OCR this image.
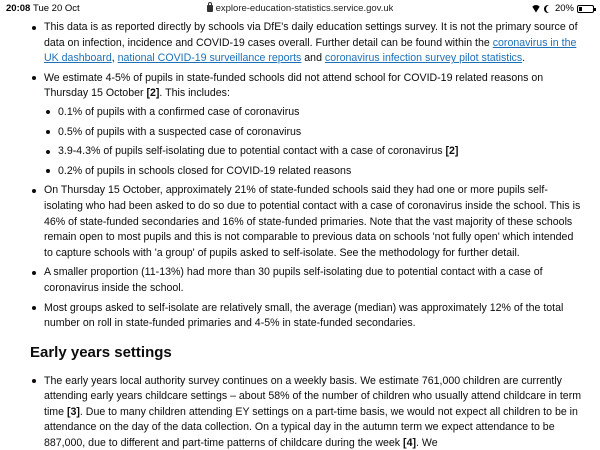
20:08 Tue 20 Oct	explore-education-statistics.service.gov.uk	20%
This data is as reported directly by schools via DfE's daily education settings survey. It is not the primary source of data on infection, incidence and COVID-19 cases overall. Further detail can be found within the coronavirus in the UK dashboard, national COVID-19 surveillance reports and coronavirus infection survey pilot statistics.
We estimate 4-5% of pupils in state-funded schools did not attend school for COVID-19 related reasons on Thursday 15 October [2]. This includes:
0.1% of pupils with a confirmed case of coronavirus
0.5% of pupils with a suspected case of coronavirus
3.9-4.3% of pupils self-isolating due to potential contact with a case of coronavirus [2]
0.2% of pupils in schools closed for COVID-19 related reasons
On Thursday 15 October, approximately 21% of state-funded schools said they had one or more pupils self-isolating who had been asked to do so due to potential contact with a case of coronavirus inside the school. This is 46% of state-funded secondaries and 16% of state-funded primaries. Note that the vast majority of these schools remain open to most pupils and this is not comparable to previous data on schools 'not fully open' which intended to capture schools with 'a group' of pupils asked to self-isolate. See the methodology for further detail.
A smaller proportion (11-13%) had more than 30 pupils self-isolating due to potential contact with a case of coronavirus inside the school.
Most groups asked to self-isolate are relatively small, the average (median) was approximately 12% of the total number on roll in state-funded primaries and 4-5% in state-funded secondaries.
Early years settings
The early years local authority survey continues on a weekly basis. We estimate 761,000 children are currently attending early years childcare settings – about 58% of the number of children who usually attend childcare in term time [3]. Due to many children attending EY settings on a part-time basis, we would not expect all children to be in attendance on the day of the data collection. On a typical day in the autumn term we expect attendance to be 887,000, due to different and part-time patterns of childcare during the week [4]. We
